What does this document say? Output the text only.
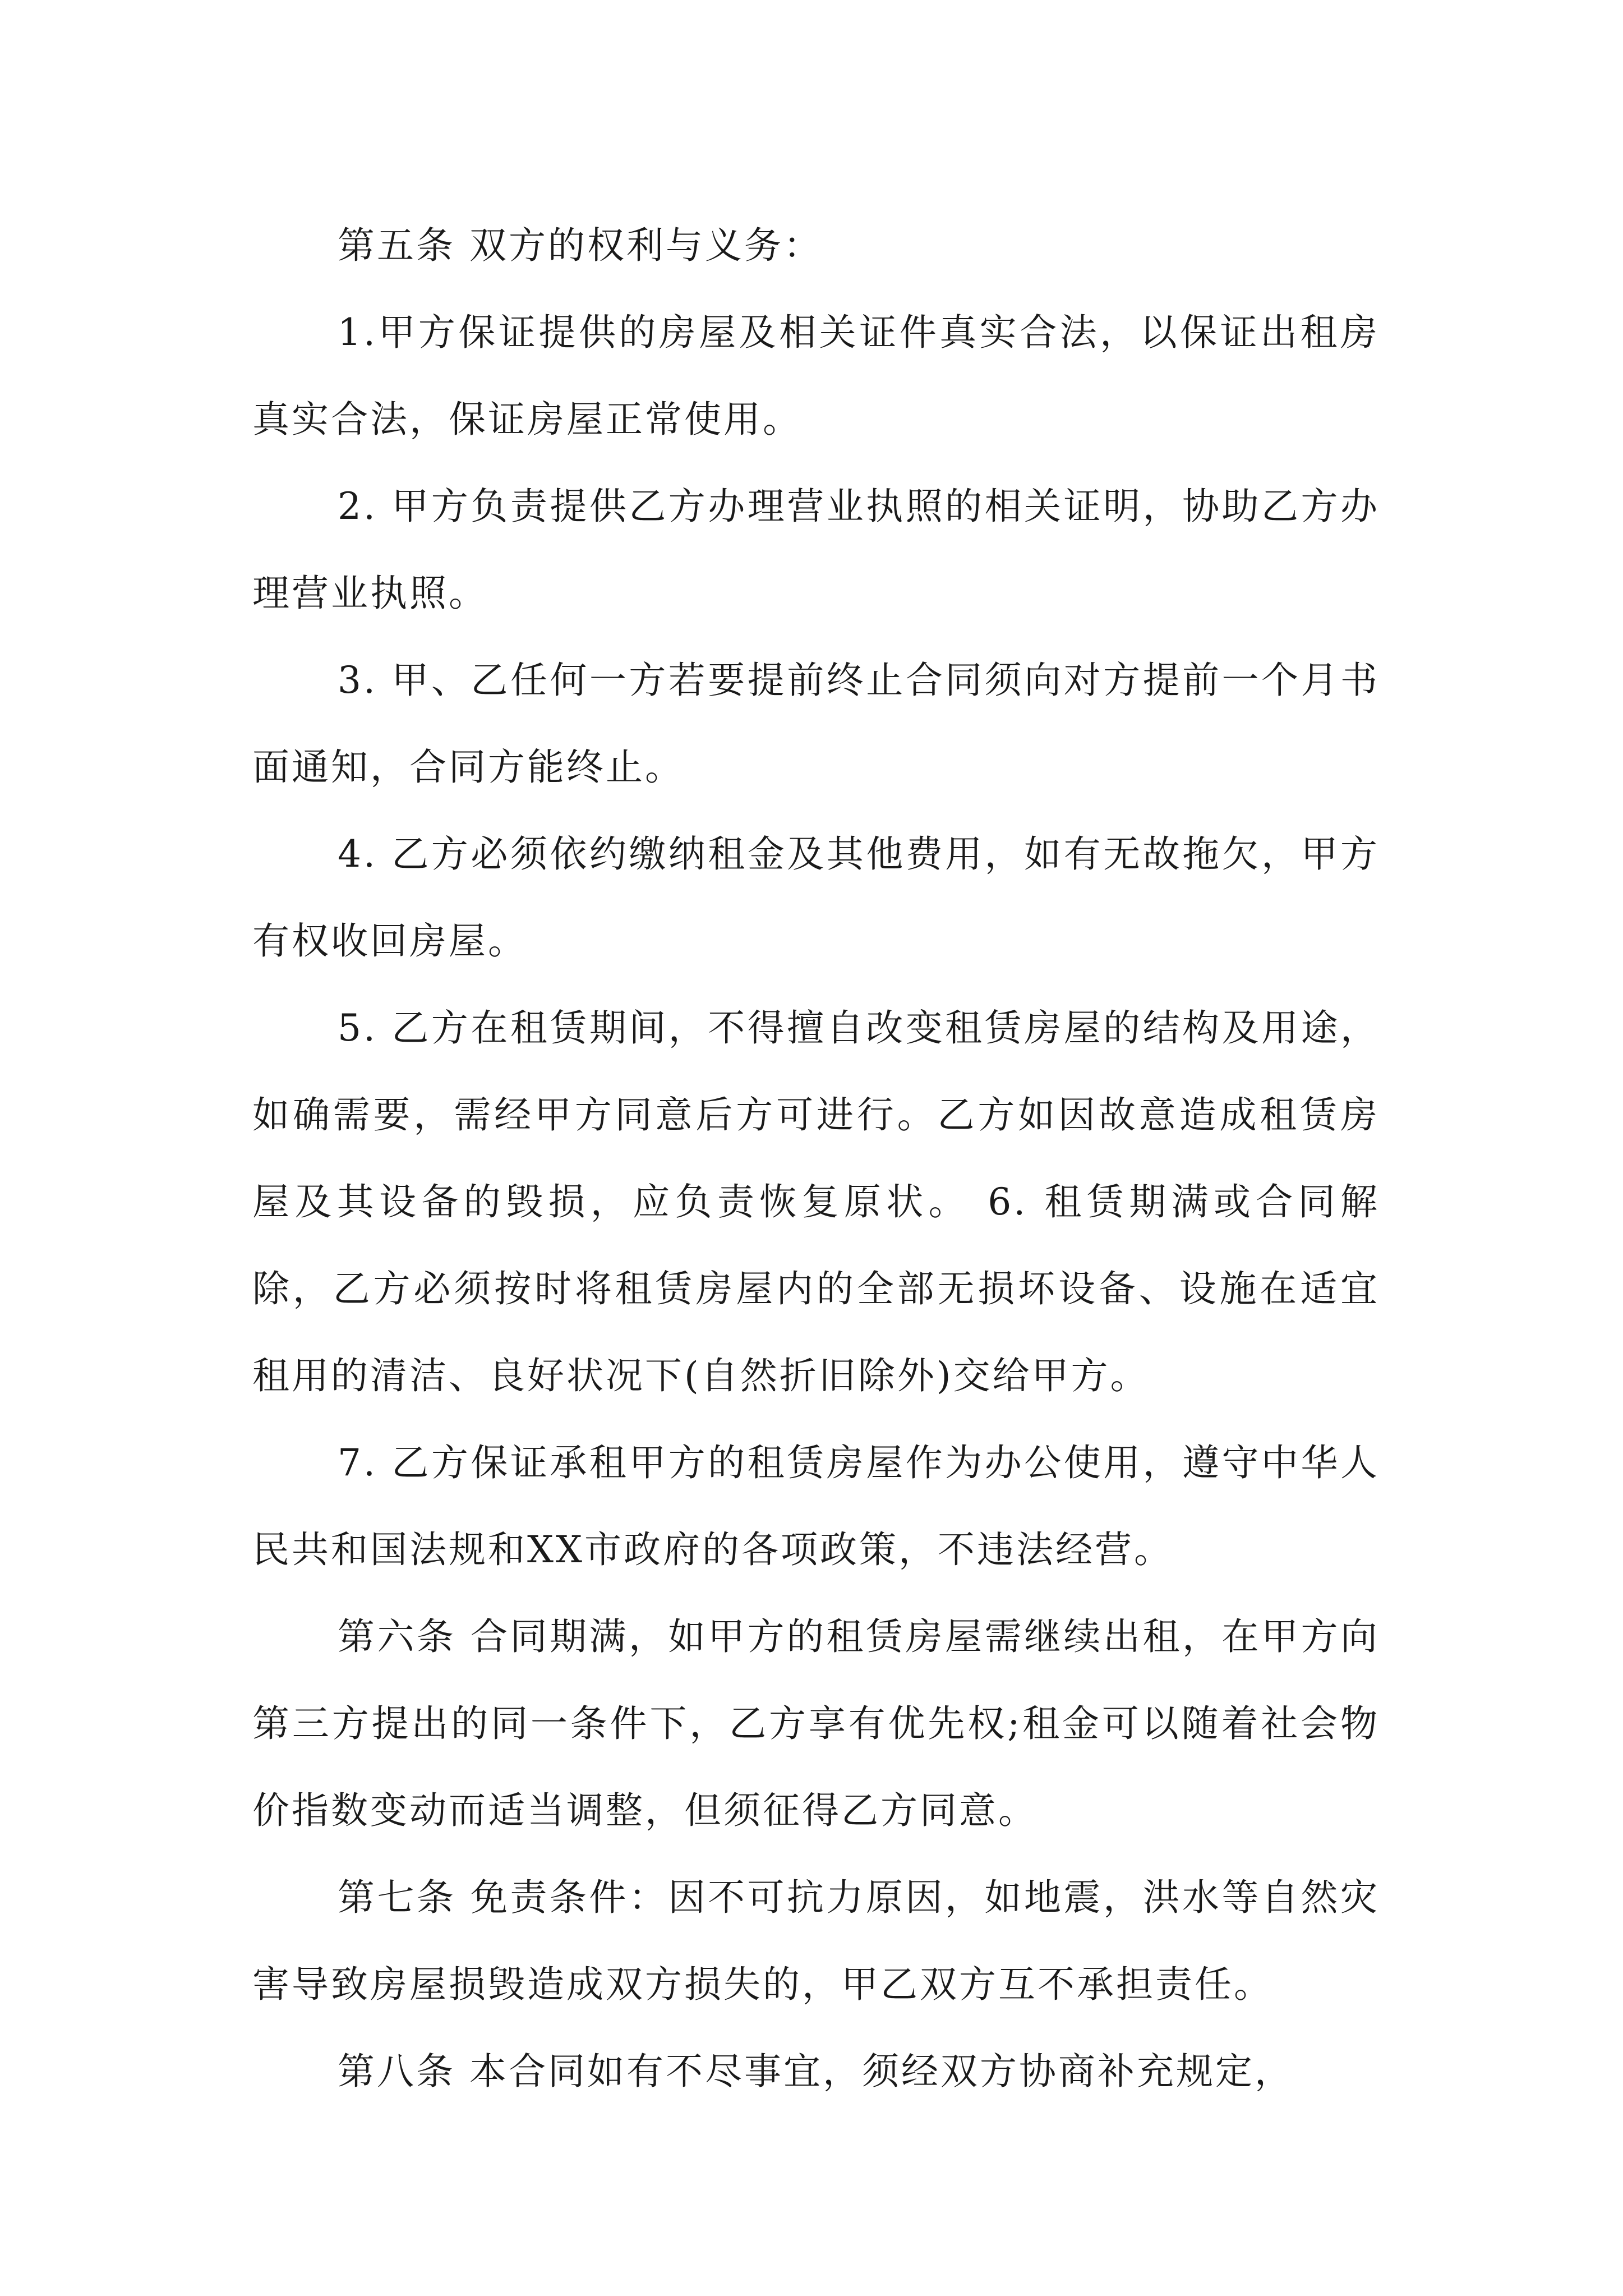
第五条 双方的权利与义务：

1.甲方保证提供的房屋及相关证件真实合法，以保证出租房真实合法，保证房屋正常使用。

2. 甲方负责提供乙方办理营业执照的相关证明，协助乙方办理营业执照。

3. 甲、乙任何一方若要提前终止合同须向对方提前一个月书面通知，合同方能终止。

4. 乙方必须依约缴纳租金及其他费用，如有无故拖欠，甲方有权收回房屋。

5. 乙方在租赁期间，不得擅自改变租赁房屋的结构及用途，如确需要，需经甲方同意后方可进行。乙方如因故意造成租赁房屋及其设备的毁损，应负责恢复原状。 6. 租赁期满或合同解除，乙方必须按时将租赁房屋内的全部无损坏设备、设施在适宜租用的清洁、良好状况下(自然折旧除外)交给甲方。

7. 乙方保证承租甲方的租赁房屋作为办公使用，遵守中华人民共和国法规和XX市政府的各项政策，不违法经营。

第六条 合同期满，如甲方的租赁房屋需继续出租，在甲方向第三方提出的同一条件下，乙方享有优先权;租金可以随着社会物价指数变动而适当调整，但须征得乙方同意。

第七条 免责条件：因不可抗力原因，如地震，洪水等自然灾害导致房屋损毁造成双方损失的，甲乙双方互不承担责任。

第八条 本合同如有不尽事宜，须经双方协商补充规定，
